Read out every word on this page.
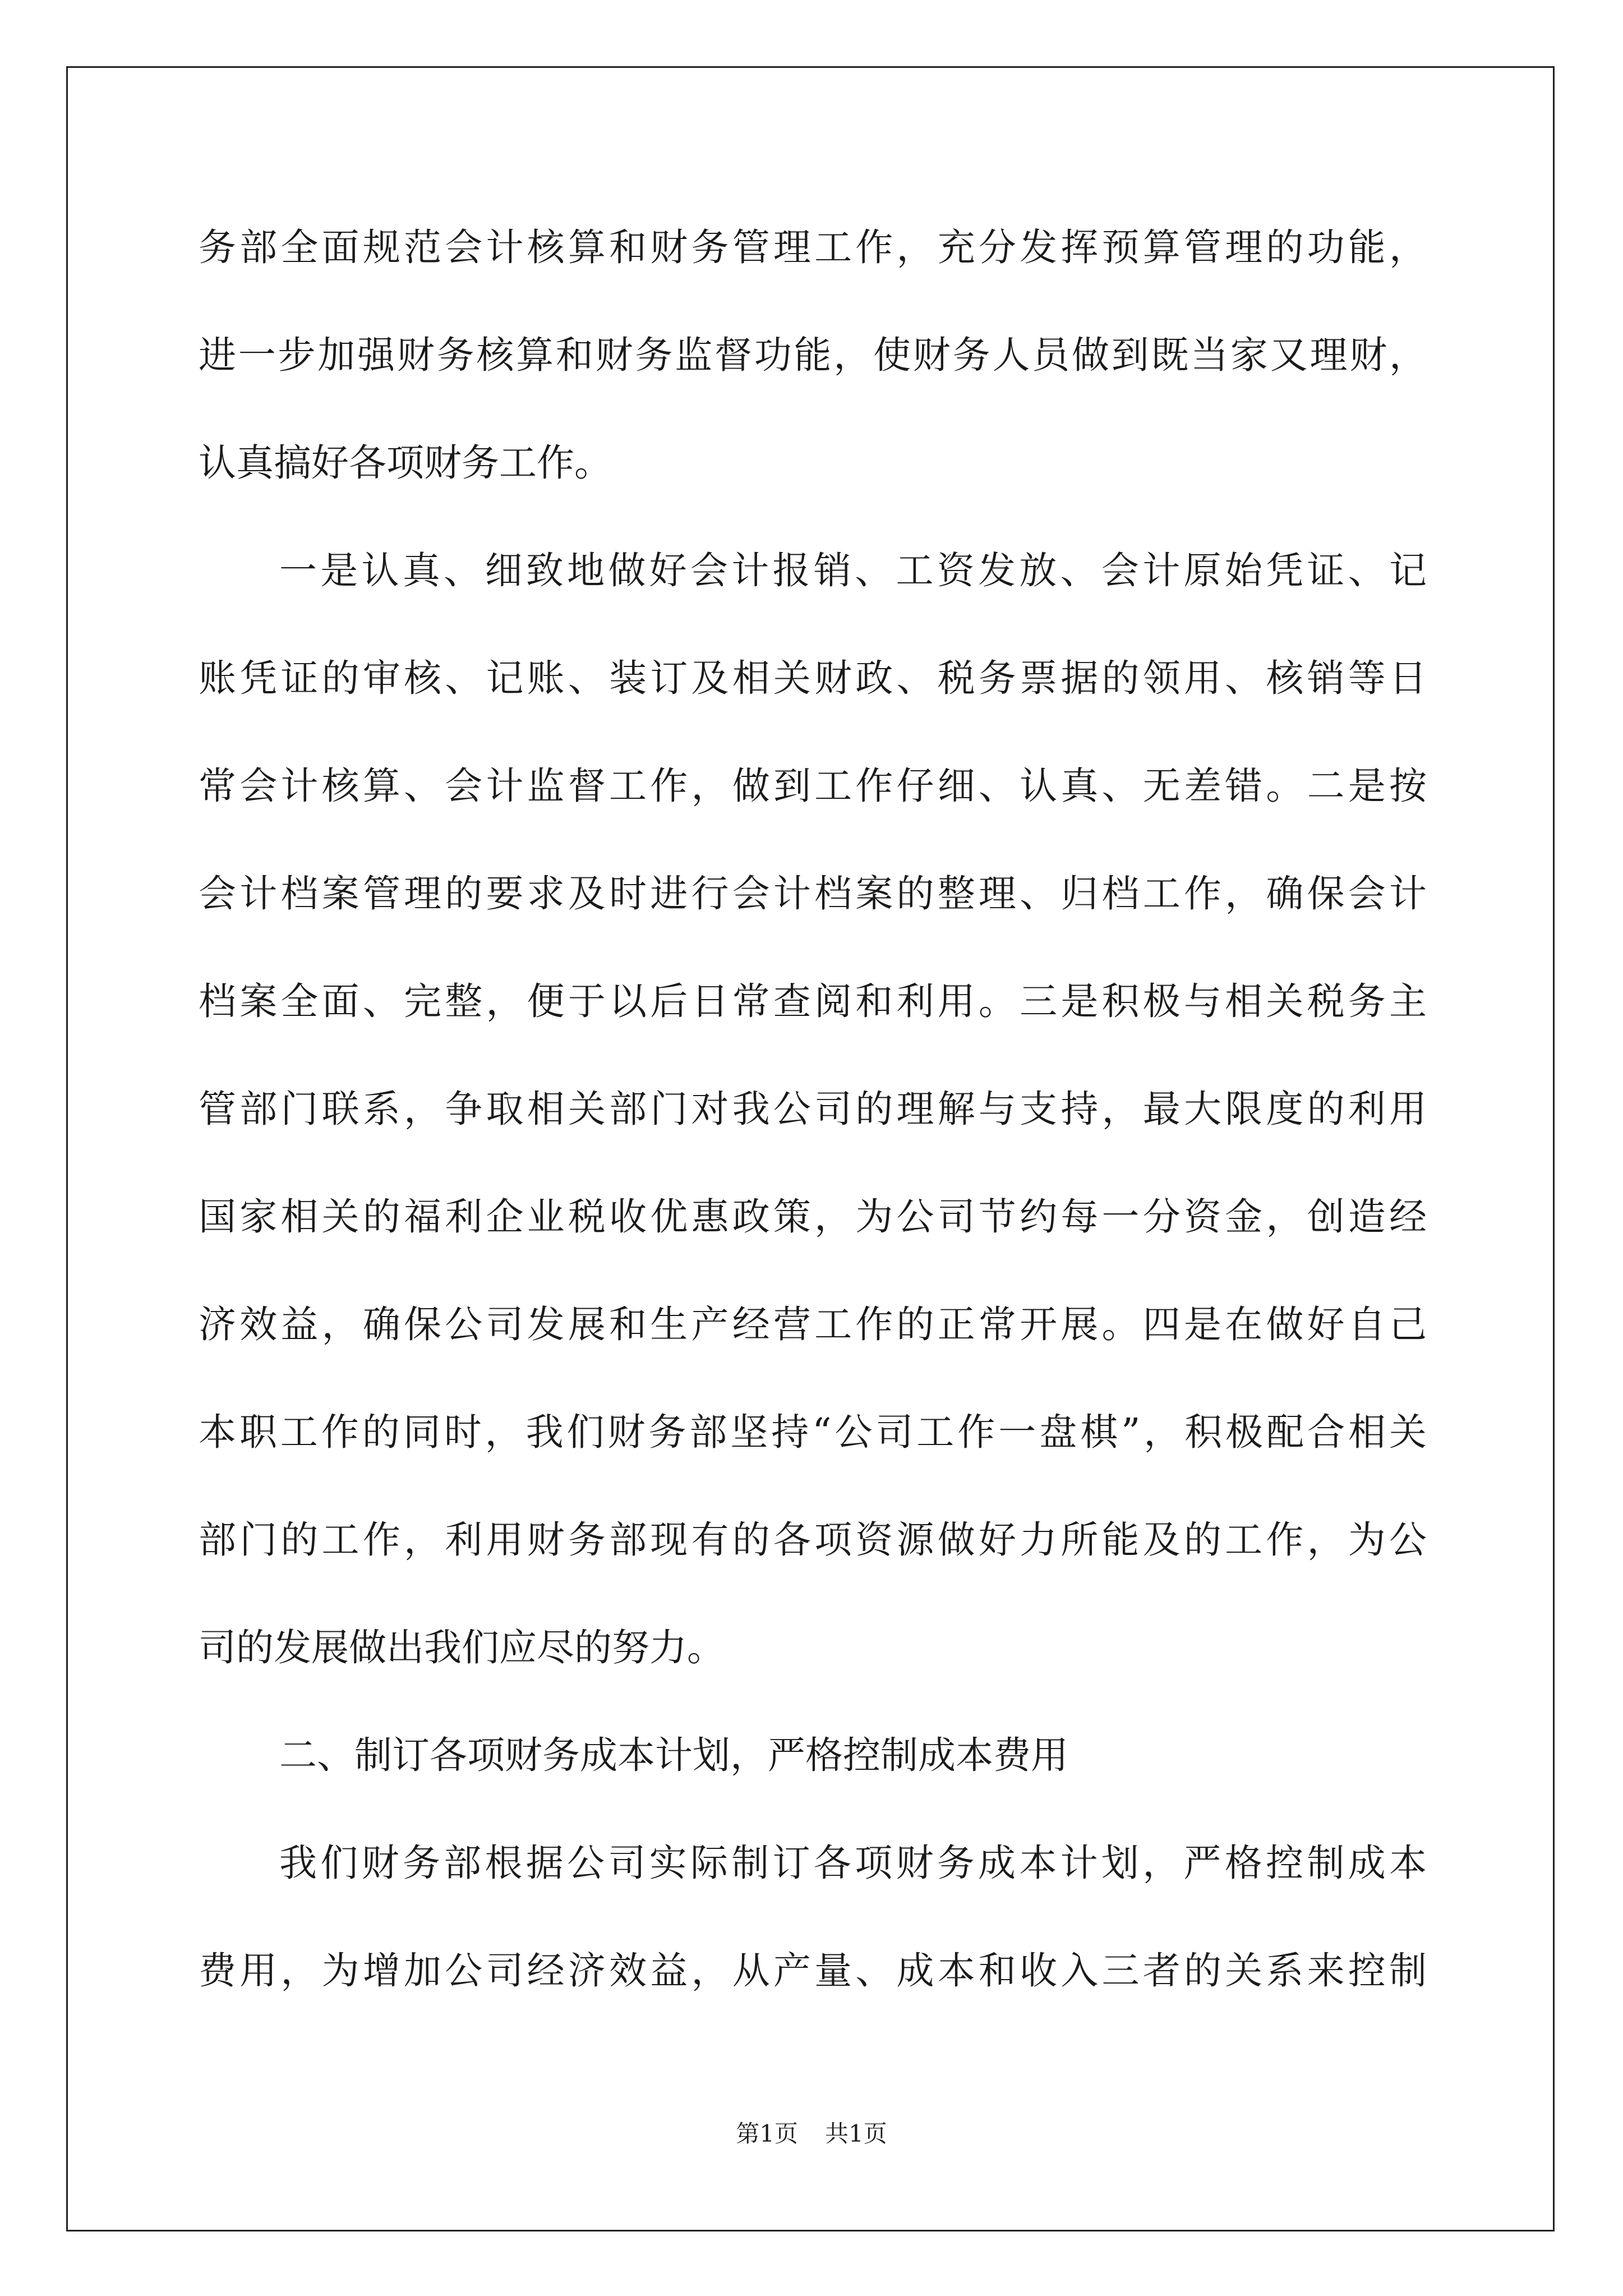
务部全面规范会计核算和财务管理工作，充分发挥预算管理的功能，
进一步加强财务核算和财务监督功能，使财务人员做到既当家又理财，
认真搞好各项财务工作。
一是认真、细致地做好会计报销、工资发放、会计原始凭证、记
账凭证的审核、记账、装订及相关财政、税务票据的领用、核销等日
常会计核算、会计监督工作，做到工作仔细、认真、无差错。二是按
会计档案管理的要求及时进行会计档案的整理、归档工作，确保会计
档案全面、完整，便于以后日常查阅和利用。三是积极与相关税务主
管部门联系，争取相关部门对我公司的理解与支持，最大限度的利用
国家相关的福利企业税收优惠政策，为公司节约每一分资金，创造经
济效益，确保公司发展和生产经营工作的正常开展。四是在做好自己
本职工作的同时，我们财务部坚持“公司工作一盘棋”，积极配合相关
部门的工作，利用财务部现有的各项资源做好力所能及的工作，为公
司的发展做出我们应尽的努力。
二、制订各项财务成本计划，严格控制成本费用
我们财务部根据公司实际制订各项财务成本计划，严格控制成本
费用，为增加公司经济效益，从产量、成本和收入三者的关系来控制
第1页 共1页
